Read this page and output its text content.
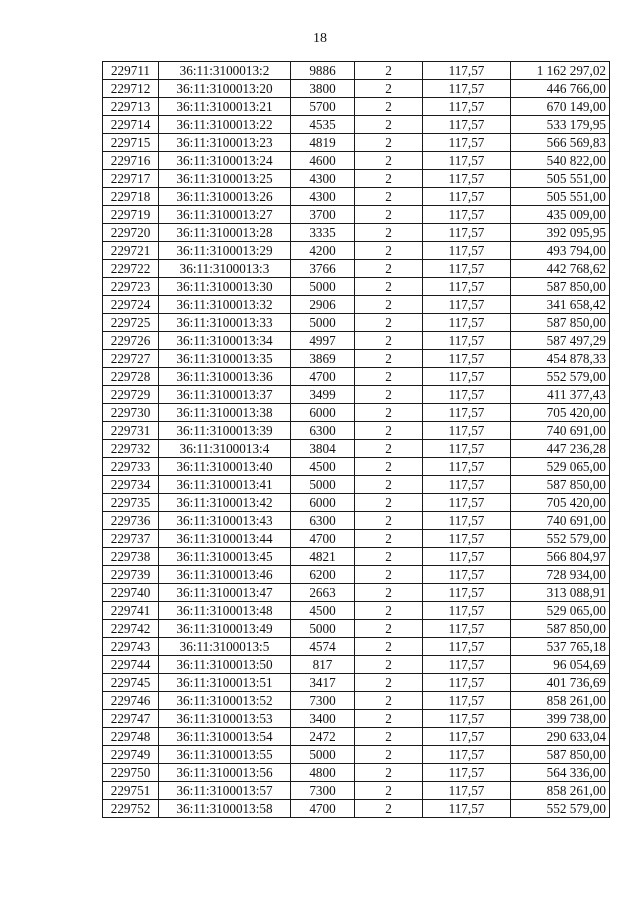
18
229711	36:11:3100013:2	9886	2	117,57	1 162 297,02
229712	36:11:3100013:20	3800	2	117,57	446 766,00
229713	36:11:3100013:21	5700	2	117,57	670 149,00
229714	36:11:3100013:22	4535	2	117,57	533 179,95
229715	36:11:3100013:23	4819	2	117,57	566 569,83
229716	36:11:3100013:24	4600	2	117,57	540 822,00
229717	36:11:3100013:25	4300	2	117,57	505 551,00
229718	36:11:3100013:26	4300	2	117,57	505 551,00
229719	36:11:3100013:27	3700	2	117,57	435 009,00
229720	36:11:3100013:28	3335	2	117,57	392 095,95
229721	36:11:3100013:29	4200	2	117,57	493 794,00
229722	36:11:3100013:3	3766	2	117,57	442 768,62
229723	36:11:3100013:30	5000	2	117,57	587 850,00
229724	36:11:3100013:32	2906	2	117,57	341 658,42
229725	36:11:3100013:33	5000	2	117,57	587 850,00
229726	36:11:3100013:34	4997	2	117,57	587 497,29
229727	36:11:3100013:35	3869	2	117,57	454 878,33
229728	36:11:3100013:36	4700	2	117,57	552 579,00
229729	36:11:3100013:37	3499	2	117,57	411 377,43
229730	36:11:3100013:38	6000	2	117,57	705 420,00
229731	36:11:3100013:39	6300	2	117,57	740 691,00
229732	36:11:3100013:4	3804	2	117,57	447 236,28
229733	36:11:3100013:40	4500	2	117,57	529 065,00
229734	36:11:3100013:41	5000	2	117,57	587 850,00
229735	36:11:3100013:42	6000	2	117,57	705 420,00
229736	36:11:3100013:43	6300	2	117,57	740 691,00
229737	36:11:3100013:44	4700	2	117,57	552 579,00
229738	36:11:3100013:45	4821	2	117,57	566 804,97
229739	36:11:3100013:46	6200	2	117,57	728 934,00
229740	36:11:3100013:47	2663	2	117,57	313 088,91
229741	36:11:3100013:48	4500	2	117,57	529 065,00
229742	36:11:3100013:49	5000	2	117,57	587 850,00
229743	36:11:3100013:5	4574	2	117,57	537 765,18
229744	36:11:3100013:50	817	2	117,57	96 054,69
229745	36:11:3100013:51	3417	2	117,57	401 736,69
229746	36:11:3100013:52	7300	2	117,57	858 261,00
229747	36:11:3100013:53	3400	2	117,57	399 738,00
229748	36:11:3100013:54	2472	2	117,57	290 633,04
229749	36:11:3100013:55	5000	2	117,57	587 850,00
229750	36:11:3100013:56	4800	2	117,57	564 336,00
229751	36:11:3100013:57	7300	2	117,57	858 261,00
229752	36:11:3100013:58	4700	2	117,57	552 579,00
